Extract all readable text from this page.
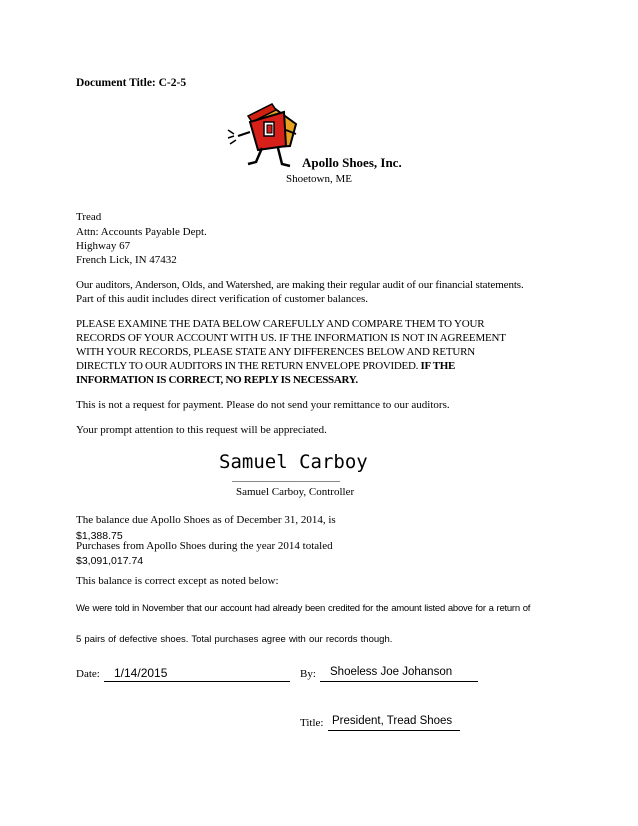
Document Title: C-2-5
Apollo Shoes, Inc.
Shoetown, ME
Tread
Attn: Accounts Payable Dept.
Highway 67
French Lick, IN 47432
Our auditors, Anderson, Olds, and Watershed, are making their regular audit of our financial statements.
Part of this audit includes direct verification of customer balances.
PLEASE EXAMINE THE DATA BELOW CAREFULLY AND COMPARE THEM TO YOUR
RECORDS OF YOUR ACCOUNT WITH US. IF THE INFORMATION IS NOT IN AGREEMENT
WITH YOUR RECORDS, PLEASE STATE ANY DIFFERENCES BELOW AND RETURN
DIRECTLY TO OUR AUDITORS IN THE RETURN ENVELOPE PROVIDED. IF THE
INFORMATION IS CORRECT, NO REPLY IS NECESSARY.
This is not a request for payment. Please do not send your remittance to our auditors.
Your prompt attention to this request will be appreciated.
Samuel Carboy
________________________
Samuel Carboy, Controller
The balance due Apollo Shoes as of December 31, 2014, is
$1,388.75
Purchases from Apollo Shoes during the year 2014 totaled
$3,091,017.74
This balance is correct except as noted below:
We were told in November that our account had already been credited for the amount listed above for a return of
5 pairs of defective shoes. Total purchases agree with our records though.
Date: 1/14/2015	By: Shoeless Joe Johanson
Title: President, Tread Shoes
